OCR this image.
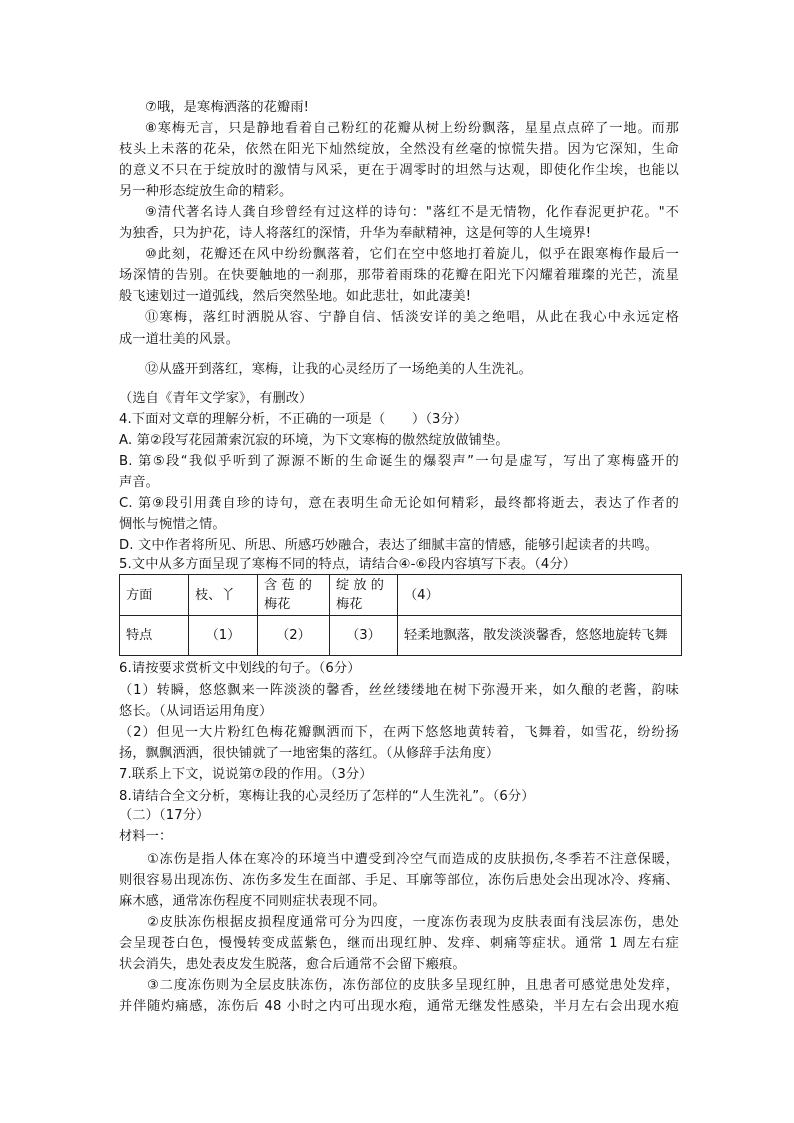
⑦哦，是寒梅洒落的花瓣雨!
⑧寒梅无言，只是静地看着自己粉红的花瓣从树上纷纷飘落，星星点点碎了一地。而那
枝头上未落的花朵，依然在阳光下灿然绽放，全然没有丝毫的惊慌失措。因为它深知，生命
的意义不只在于绽放时的激情与风采，更在于凋零时的坦然与达观，即使化作尘埃，也能以
另一种形态绽放生命的精彩。
⑨清代著名诗人龚自珍曾经有过这样的诗句："落红不是无情物，化作春泥更护花。"不
为独香，只为护花，诗人将落红的深情，升华为奉献精神，这是何等的人生境界!
⑩此刻，花瓣还在风中纷纷飘落着，它们在空中悠地打着旋儿，似乎在跟寒梅作最后一
场深情的告别。在快要触地的一刹那，那带着雨珠的花瓣在阳光下闪耀着璀璨的光芒，流星
般飞速划过一道弧线，然后突然坠地。如此悲壮，如此凄美!
⑪寒梅，落红时洒脱从容、宁静自信、恬淡安详的美之绝唱，从此在我心中永远定格
成一道壮美的风景。
⑫从盛开到落红，寒梅，让我的心灵经历了一场绝美的人生洗礼。
（选自《青年文学家》，有删改）
4.下面对文章的理解分析，不正确的一项是（　　）（3分）
A. 第②段写花园萧索沉寂的环境，为下文寒梅的傲然绽放做铺垫。
B. 第⑤段“我似乎听到了源源不断的生命诞生的爆裂声”一句是虚写，写出了寒梅盛开的
声音。
C. 第⑨段引用龚自珍的诗句，意在表明生命无论如何精彩，最终都将逝去，表达了作者的
惆怅与惋惜之情。
D. 文中作者将所见、所思、所感巧妙融合，表达了细腻丰富的情感，能够引起读者的共鸣。
5.文中从多方面呈现了寒梅不同的特点，请结合④-⑥段内容填写下表。（4分）
方面	枝、丫	含 苞 的 梅花	绽 放 的 梅花	（4）
特点	（1）	（2）	（3）	轻柔地飘落，散发淡淡馨香，悠悠地旋转飞舞
6.请按要求赏析文中划线的句子。（6分）
（1）转瞬，悠悠飘来一阵淡淡的馨香，丝丝缕缕地在树下弥漫开来，如久酿的老酱，韵味
悠长。（从词语运用角度）
（2）但见一大片粉红色梅花瓣飘洒而下，在两下悠悠地黄转着，飞舞着，如雪花，纷纷扬
扬，飘飘洒洒，很快铺就了一地密集的落红。（从修辞手法角度）
7.联系上下文，说说第⑦段的作用。（3分）
8.请结合全文分析，寒梅让我的心灵经历了怎样的“人生洗礼”。（6分）
（二）（17分）
材料一：
①冻伤是指人体在寒冷的环境当中遭受到冷空气而造成的皮肤损伤,冬季若不注意保暖，
则很容易出现冻伤、冻伤多发生在面部、手足、耳廓等部位，冻伤后患处会出现冰冷、疼痛、
麻木感，通常冻伤程度不同则症状表现不同。
②皮肤冻伤根据皮损程度通常可分为四度，一度冻伤表现为皮肤表面有浅层冻伤，患处
会呈现苍白色，慢慢转变成蓝紫色，继而出现红肿、发痒、刺痛等症状。通常 1 周左右症
状会消失，患处表皮发生脱落，愈合后通常不会留下瘢痕。
③二度冻伤则为全层皮肤冻伤，冻伤部位的皮肤多呈现红肿，且患者可感觉患处发痒，
并伴随灼痛感，冻伤后 48 小时之内可出现水疱，通常无继发性感染，半月左右会出现水疱
